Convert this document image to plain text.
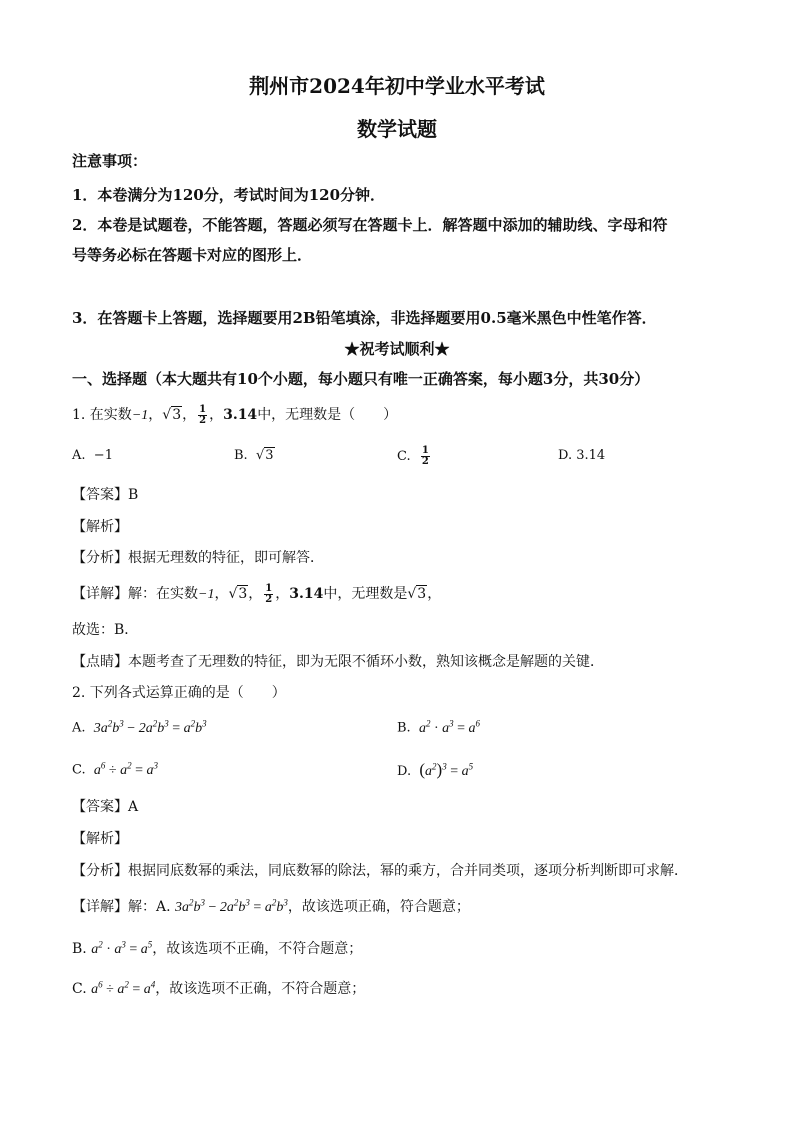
荆州市2024年初中学业水平考试
数学试题
注意事项：
1．本卷满分为120分，考试时间为120分钟．
2．本卷是试题卷，不能答题，答题必须写在答题卡上．解答题中添加的辅助线、字母和符
号等务必标在答题卡对应的图形上．
3．在答题卡上答题，选择题要用2B铅笔填涂，非选择题要用0.5毫米黑色中性笔作答．
★祝考试顺利★
一、选择题（本大题共有10个小题，每小题只有唯一正确答案，每小题3分，共30分）
1. 在实数−1，√3， $\frac{1}{2}$ ，3.14中，无理数是（　　）
A. −1	B. √3	C. $\frac{1}{2}$	D. 3.14
【答案】B
【解析】
【分析】根据无理数的特征，即可解答．
【详解】解：在实数−1，√3， $\frac{1}{2}$ ，3.14中，无理数是√3，
故选：B．
【点睛】本题考查了无理数的特征，即为无限不循环小数，熟知该概念是解题的关键．
2. 下列各式运算正确的是（　　）
A. $3a^2b^3 - 2a^2b^3 = a^2b^3$	B. $a^2 \cdot a^3 = a^6$
C. $a^6 \div a^2 = a^3$	D. $(a^2)^3 = a^5$
【答案】A
【解析】
【分析】根据同底数幂的乘法，同底数幂的除法，幂的乘方，合并同类项，逐项分析判断即可求解．
【详解】解：A. $3a^2b^3 - 2a^2b^3 = a^2b^3$，故该选项正确，符合题意；
B. $a^2 \cdot a^3 = a^5$，故该选项不正确，不符合题意；
C. $a^6 \div a^2 = a^4$，故该选项不正确，不符合题意；
